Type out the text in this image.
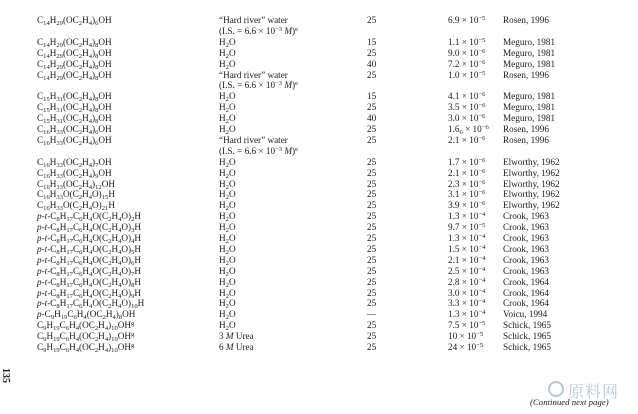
$C_{14}H_{29}(OC_2H_4)_6OH$	“Hard river” water	25	$6.9 \times 10^{-5}$ Rosen, 1996
(I.S. = $6.6 \times 10^{-3}$ M)$^e$
$C_{14}H_{29}(OC_2H_4)_8OH$	$H_2O$	15	$1.1 \times 10^{-5}$ Meguro, 1981
$C_{14}H_{29}(OC_2H_4)_8OH$	$H_2O$	25	$9.0 \times 10^{-6}$ Meguro, 1981
$C_{14}H_{29}(OC_2H_4)_8OH$	$H_2O$	40	$7.2 \times 10^{-6}$ Meguro, 1981
$C_{14}H_{29}(OC_2H_4)_8OH$	“Hard river” water	25	$1.0 \times 10^{-5}$ Rosen, 1996
(I.S. = $6.6 \times 10^{-3}$ M)$^e$
$C_{15}H_{31}(OC_2H_4)_8OH$	$H_2O$	15	$4.1 \times 10^{-6}$ Meguro, 1981
$C_{15}H_{31}(OC_2H_4)_8OH$	$H_2O$	25	$3.5 \times 10^{-6}$ Meguro, 1981
$C_{15}H_{31}(OC_2H_4)_8OH$	$H_2O$	40	$3.0 \times 10^{-6}$ Meguro, 1981
$C_{16}H_{33}(OC_2H_4)_6OH$	$H_2O$	25	$1.6_6 \times 10^{-6}$ Rosen, 1996
$C_{16}H_{33}(OC_2H_4)_6OH$	“Hard river” water	25	$2.1 \times 10^{-6}$ Rosen, 1996
(I.S. = $6.6 \times 10^{-3}$ M)$^e$
$C_{16}H_{33}(OC_2H_4)_7OH$	$H_2O$	25	$1.7 \times 10^{-6}$ Elworthy, 1962
$C_{16}H_{33}(OC_2H_4)_9OH$	$H_2O$	25	$2.1 \times 10^{-6}$ Elworthy, 1962
$C_{16}H_{33}(OC_2H_4)_{12}OH$	$H_2O$	25	$2.3 \times 10^{-6}$ Elworthy, 1962
$C_{16}H_{33}O(C_2H_4O)_{15}H$	$H_2O$	25	$3.1 \times 10^{-6}$ Elworthy, 1962
$C_{16}H_{33}O(C_2H_4O)_{21}H$	$H_2O$	25	$3.9 \times 10^{-6}$ Elworthy, 1962
$p-t-C_8H_{17}C_6H_4O(C_2H_4O)_2H$	$H_2O$	25	$1.3 \times 10^{-4}$ Crook, 1963
$p-t-C_8H_{17}C_6H_4O(C_2H_4O)_3H$	$H_2O$	25	$9.7 \times 10^{-5}$ Crook, 1963
$p-t-C_8H_{17}C_6H_4O(C_2H_4O)_4H$	$H_2O$	25	$1.3 \times 10^{-4}$ Crook, 1963
$p-t-C_8H_{17}C_6H_4O(C_2H_4O)_5H$	$H_2O$	25	$1.5 \times 10^{-4}$ Crook, 1963
$p-t-C_8H_{17}C_6H_4O(C_2H_4O)_6H$	$H_2O$	25	$2.1 \times 10^{-4}$ Crook, 1963
$p-t-C_8H_{17}C_6H_4O(C_2H_4O)_7H$	$H_2O$	25	$2.5 \times 10^{-4}$ Crook, 1963
$p-t-C_8H_{17}C_6H_4O(C_2H_4O)_8H$	$H_2O$	25	$2.8 \times 10^{-4}$ Crook, 1964
$p-t-C_8H_{17}C_6H_4O(C_2H_4O)_9H$	$H_2O$	25	$3.0 \times 10^{-4}$ Crook, 1964
$p-t-C_8H_{17}C_6H_4O(C_2H_4O)_{10}H$	$H_2O$	25	$3.3 \times 10^{-4}$ Crook, 1964
$p-C_9H_{19}C_6H_4(OC_2H_4)_8OH$	$H_2O$	—	$1.3 \times 10^{-4}$ Voicu, 1994
$C_9H_{19}C_6H_4(OC_2H_4)_{10}OH^g$	$H_2O$	25	$7.5 \times 10^{-5}$ Schick, 1965
$C_9H_{19}C_6H_4(OC_2H_4)_{10}OH^g$	3 M Urea	25	$10 \times 10^{-5}$ Schick, 1965
$C_9H_{19}C_6H_4(OC_2H_4)_{10}OH^g$	6 M Urea	25	$24 \times 10^{-5}$ Schick, 1965
135
(Continued next page)
原料网
